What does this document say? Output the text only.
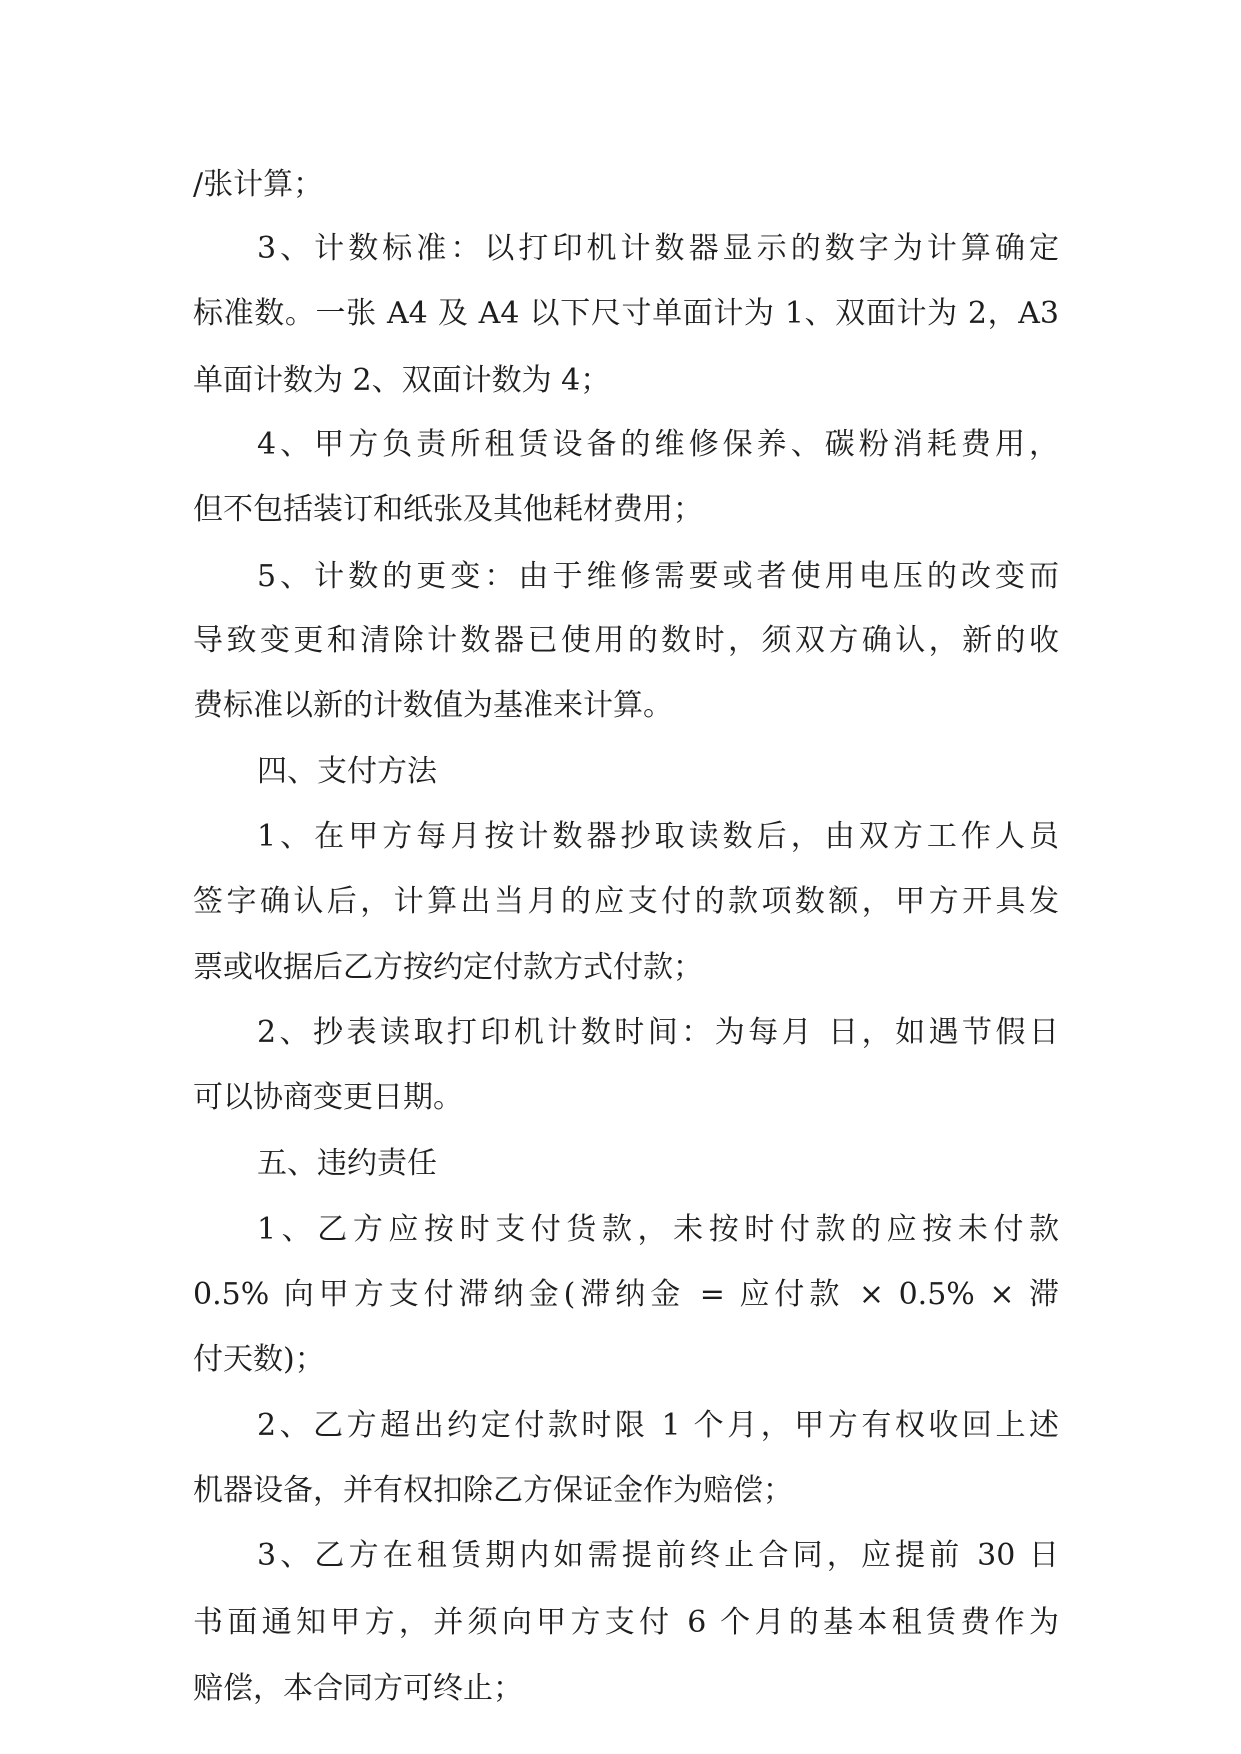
/张计算；

3、计数标准：以打印机计数器显示的数字为计算确定

标准数。一张 A4 及 A4 以下尺寸单面计为 1、双面计为 2，A3

单面计数为 2、双面计数为 4；

4、甲方负责所租赁设备的维修保养、碳粉消耗费用，

但不包括装订和纸张及其他耗材费用；

5、计数的更变：由于维修需要或者使用电压的改变而

导致变更和清除计数器已使用的数时，须双方确认，新的收

费标准以新的计数值为基准来计算。

四、支付方法

1、在甲方每月按计数器抄取读数后，由双方工作人员

签字确认后，计算出当月的应支付的款项数额，甲方开具发

票或收据后乙方按约定付款方式付款；

2、抄表读取打印机计数时间：为每月 日，如遇节假日

可以协商变更日期。

五、违约责任

1、乙方应按时支付货款，未按时付款的应按未付款

0.5% 向甲方支付滞纳金(滞纳金 = 应付款 × 0.5% × 滞

付天数)；

2、乙方超出约定付款时限 1 个月，甲方有权收回上述

机器设备，并有权扣除乙方保证金作为赔偿；

3、乙方在租赁期内如需提前终止合同，应提前 30 日

书面通知甲方，并须向甲方支付 6 个月的基本租赁费作为

赔偿，本合同方可终止；
